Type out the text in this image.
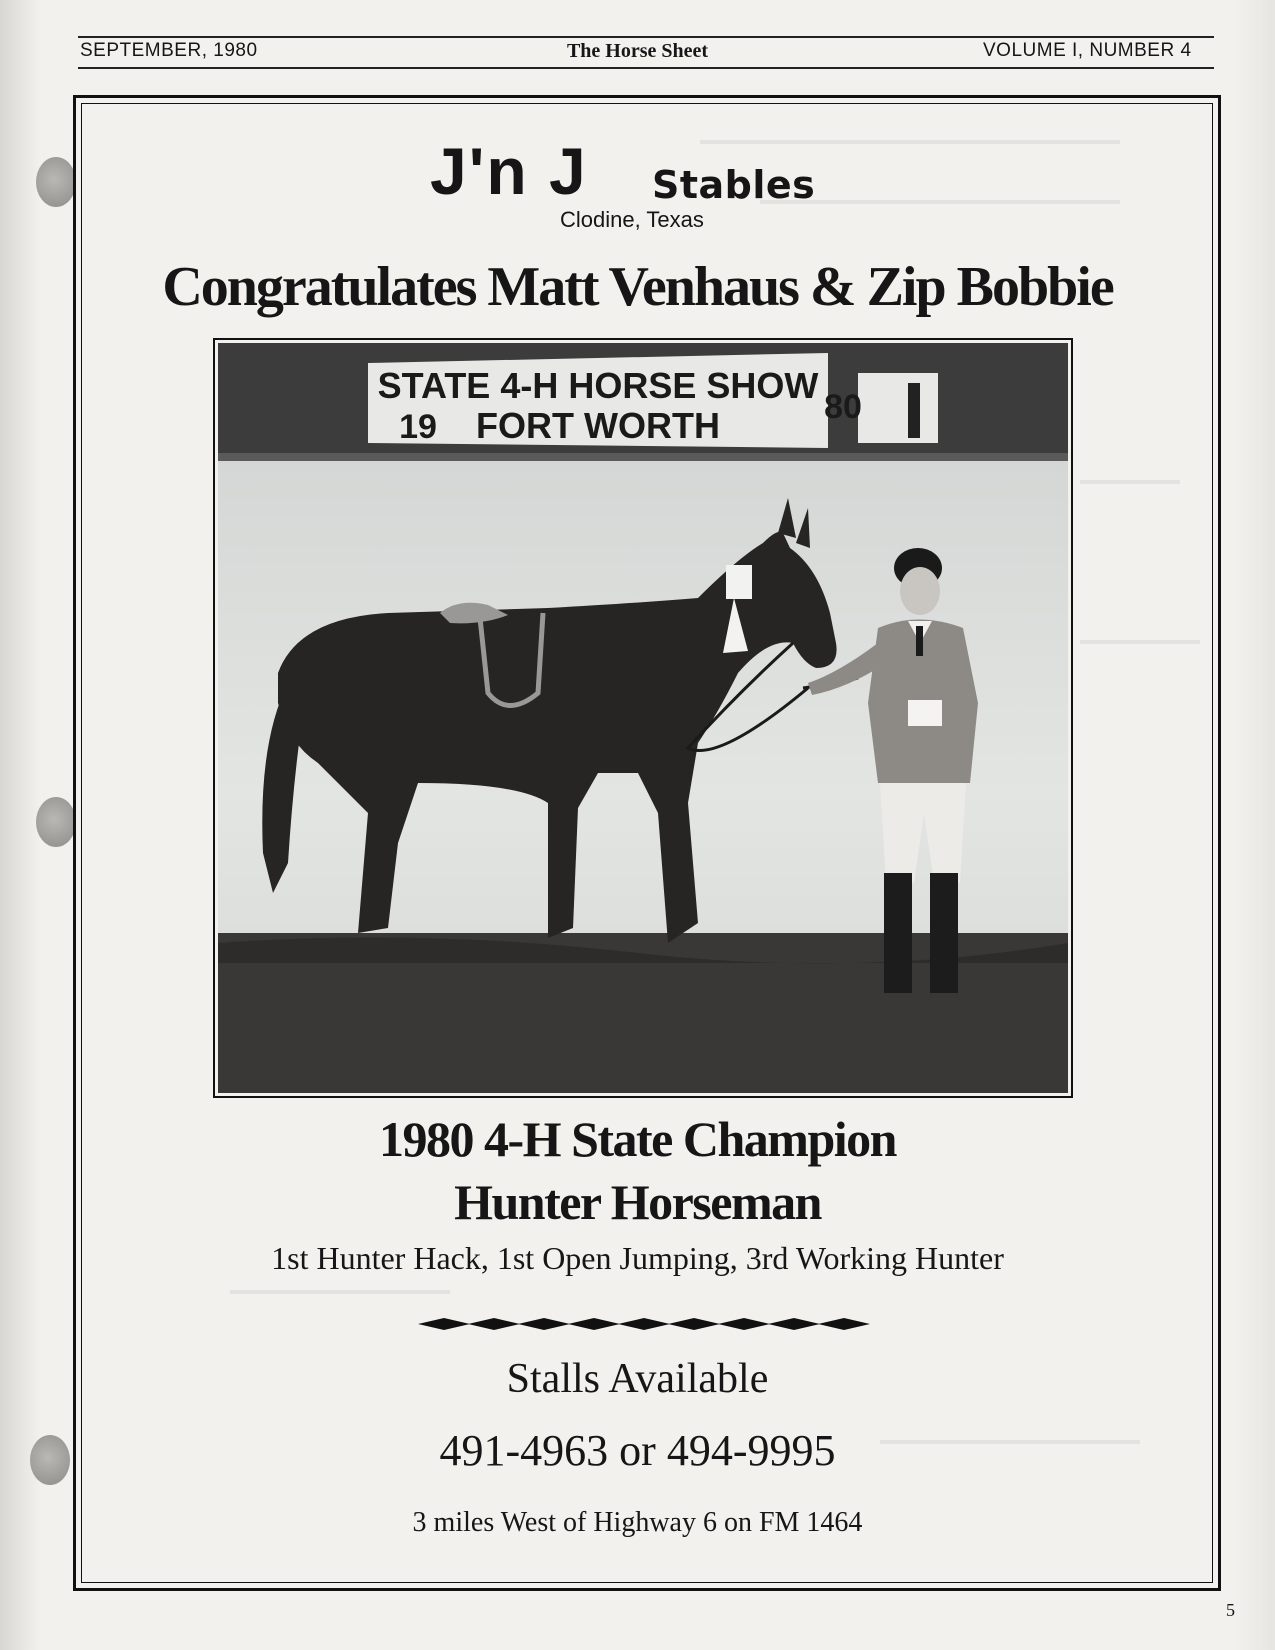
SEPTEMBER, 1980	The Horse Sheet	VOLUME I, NUMBER 4
J'n J Stables
Clodine, Texas
Congratulates Matt Venhaus & Zip Bobbie
STATE 4-H HORSE SHOW
FORT WORTH
19
80
1980 4-H State Champion
Hunter Horseman
1st Hunter Hack, 1st Open Jumping, 3rd Working Hunter
Stalls Available
491-4963 or 494-9995
3 miles West of Highway 6 on FM 1464
5
